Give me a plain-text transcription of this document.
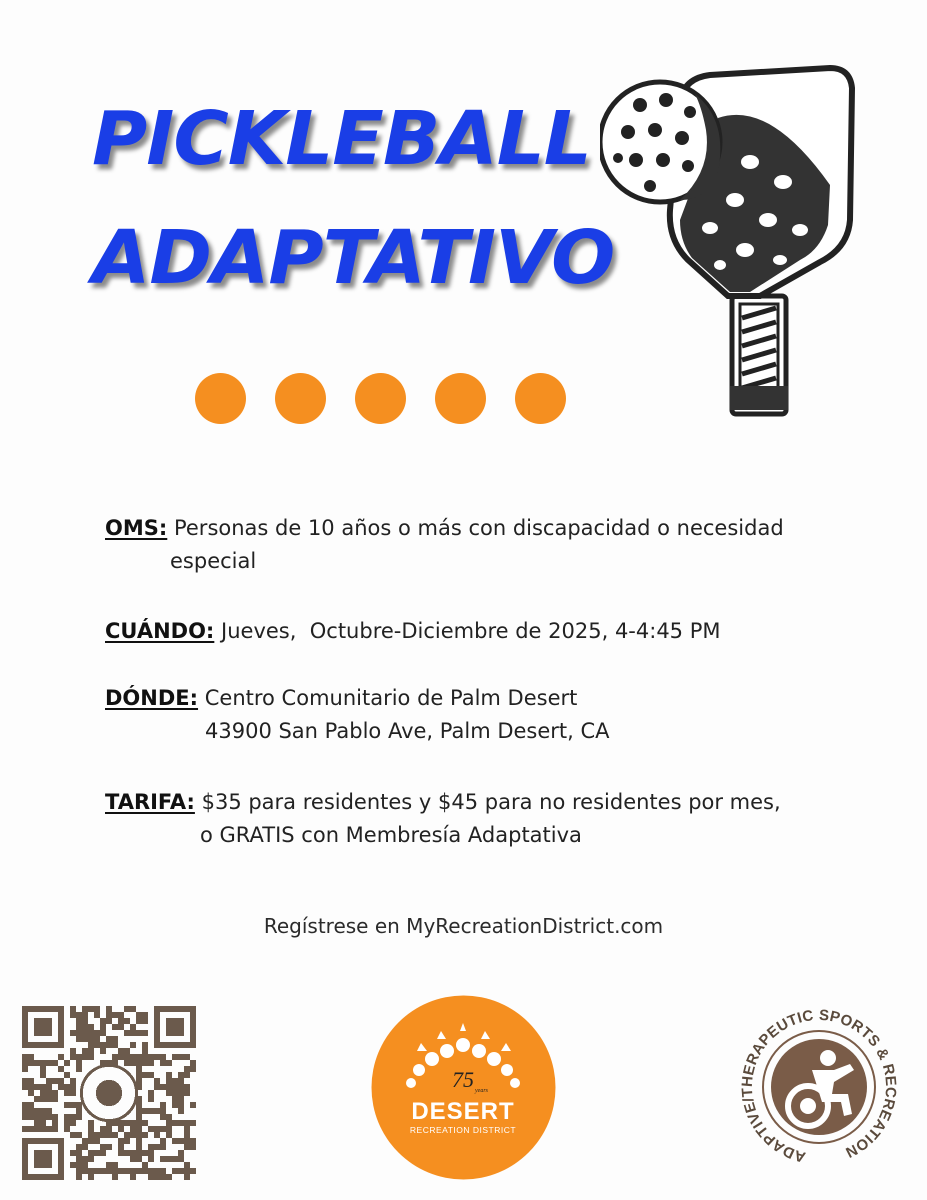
PICKLEBALL
ADAPTATIVO
OMS: Personas de 10 años o más con discapacidad o necesidad
especial
CUÁNDO: Jueves,  Octubre-Diciembre de 2025, 4-4:45 PM
DÓNDE: Centro Comunitario de Palm Desert
43900 San Pablo Ave, Palm Desert, CA
TARIFA: $35 para residentes y $45 para no residentes por mes,
o GRATIS con Membresía Adaptativa
Regístrese en MyRecreationDistrict.com
75 years
DESERT
RECREATION DISTRICT
ADAPTIVE/THERAPEUTIC SPORTS & RECREATION
